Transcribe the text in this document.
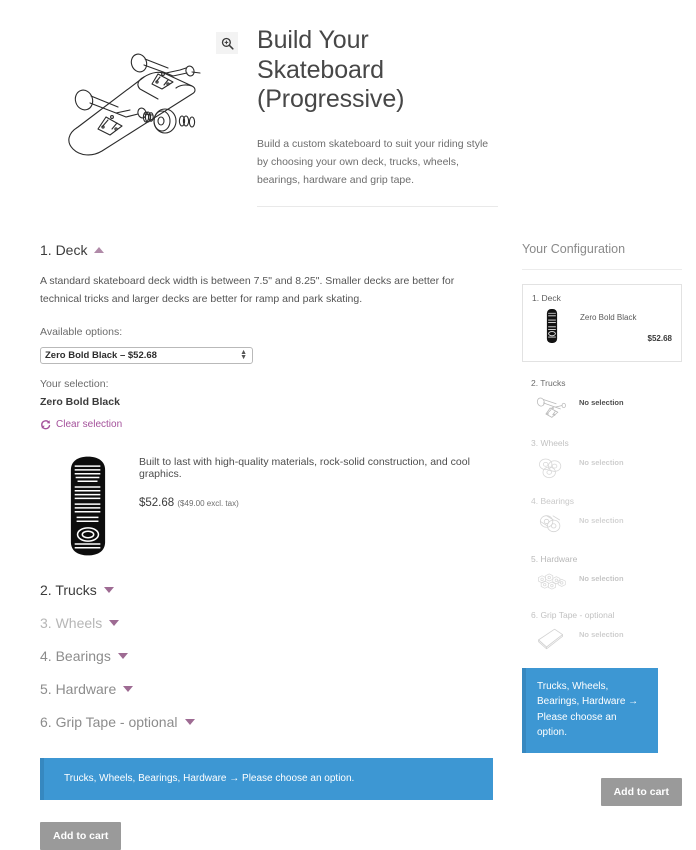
Build Your Skateboard (Progressive)

Build a custom skateboard to suit your riding style by choosing your own deck, trucks, wheels, bearings, hardware and grip tape.

1. Deck

A standard skateboard deck width is between 7.5" and 8.25". Smaller decks are better for technical tricks and larger decks are better for ramp and park skating.

Available options:

Zero Bold Black – $52.68
▲
▼

Your selection:

Zero Bold Black

Clear selection

Built to last with high-quality materials, rock-solid construction, and cool graphics.

$52.68 ($49.00 excl. tax)

2. Trucks
3. Wheels
4. Bearings
5. Hardware
6. Grip Tape - optional
Trucks, Wheels, Bearings, Hardware → Please choose an option.
Add to cart

Your Configuration

1. Deck

Zero Bold Black

$52.68

2. Trucks

No selection

3. Wheels

No selection

4. Bearings

No selection

5. Hardware

No selection

6. Grip Tape - optional

No selection

Trucks, Wheels, Bearings, Hardware → Please choose an option.
Add to cart
